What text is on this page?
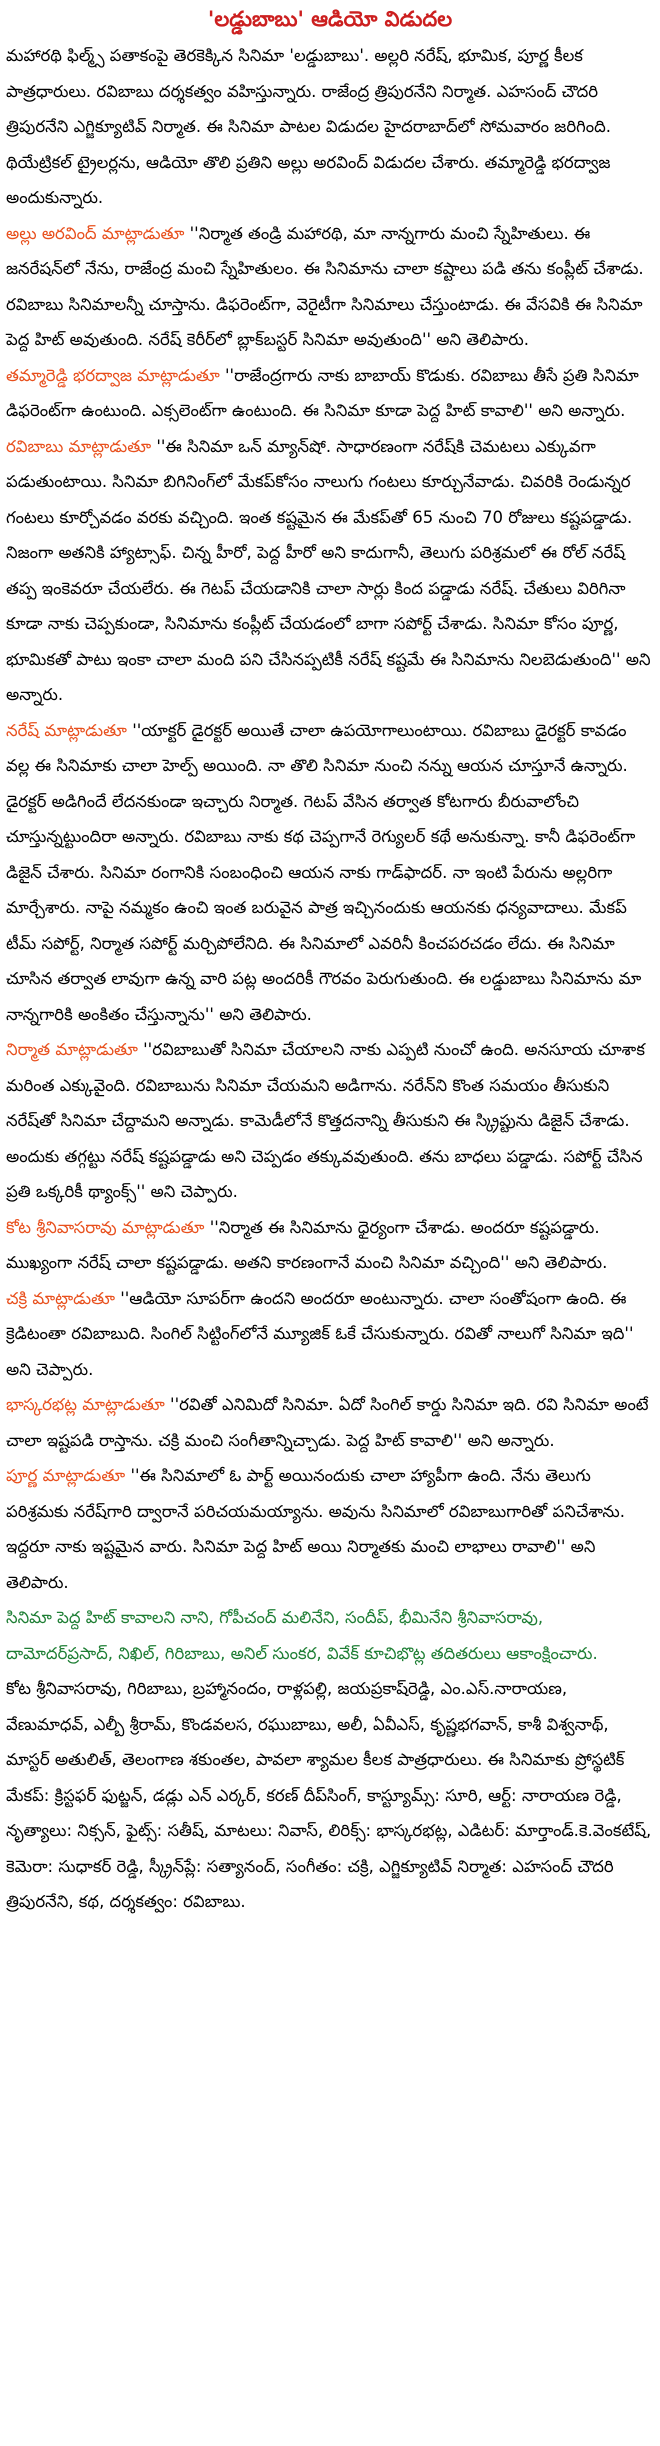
'లడ్డుబాబు' ఆడియో విడుదల

మహారథి ఫిల్మ్స్ పతాకంపై తెరకెక్కిన సినిమా 'లడ్డుబాబు'. అల్లరి నరేష్, భూమిక, పూర్ణ కీలక పాత్రధారులు. రవిబాబు దర్శకత్వం వహిస్తున్నారు. రాజేంద్ర త్రిపురనేని నిర్మాత. ఎహసంద్ చౌదరి త్రిపురనేని ఎగ్జిక్యూటివ్ నిర్మాత. ఈ సినిమా పాటల విడుదల హైదరాబాద్‌లో సోమవారం జరిగింది. థియేట్రికల్ ట్రైలర్లను, ఆడియో తొలి ప్రతిని అల్లు అరవింద్ విడుదల చేశారు. తమ్మారెడ్డి భరద్వాజ అందుకున్నారు.

అల్లు అరవింద్ మాట్లాడుతూ ''నిర్మాత తండ్రి మహారథి, మా నాన్నగారు మంచి స్నేహితులు. ఈ జనరేషన్‌లో నేను, రాజేంద్ర మంచి స్నేహితులం. ఈ సినిమాను చాలా కష్టాలు పడి తను కంప్లీట్ చేశాడు. రవిబాబు సినిమాలన్నీ చూస్తాను. డిఫరెంట్‌గా, వెరైటీగా సినిమాలు చేస్తుంటాడు. ఈ వేసవికి ఈ సినిమా పెద్ద హిట్ అవుతుంది. నరేష్ కెరీర్‌లో బ్లాక్‌బస్టర్ సినిమా అవుతుంది'' అని తెలిపారు.

తమ్మారెడ్డి భరద్వాజ మాట్లాడుతూ ''రాజేంద్రగారు నాకు బాబాయ్ కొడుకు. రవిబాబు తీసే ప్రతి సినిమా డిఫరెంట్‌గా ఉంటుంది. ఎక్సలెంట్‌గా ఉంటుంది. ఈ సినిమా కూడా పెద్ద హిట్ కావాలి'' అని అన్నారు.

రవిబాబు మాట్లాడుతూ ''ఈ సినిమా ఒన్ మ్యాన్‌షో. సాధారణంగా నరేష్‌కి చెమటలు ఎక్కువగా పడుతుంటాయి. సినిమా బిగినింగ్‌లో మేకప్‌కోసం నాలుగు గంటలు కూర్చునేవాడు. చివరికి రెండున్నర గంటలు కూర్చోవడం వరకు వచ్చింది. ఇంత కష్టమైన ఈ మేకప్‌తో 65 నుంచి 70 రోజులు కష్టపడ్డాడు. నిజంగా అతనికి హ్యాట్సాఫ్. చిన్న హీరో, పెద్ద హీరో అని కాదుగానీ, తెలుగు పరిశ్రమలో ఈ రోల్ నరేష్ తప్ప ఇంకెవరూ చేయలేరు. ఈ గెటప్ చేయడానికి చాలా సార్లు కింద పడ్డాడు నరేష్. చేతులు విరిగినా కూడా నాకు చెప్పకుండా, సినిమాను కంప్లీట్ చేయడంలో బాగా సపోర్ట్ చేశాడు. సినిమా కోసం పూర్ణ, భూమికతో పాటు ఇంకా చాలా మంది పని చేసినప్పటికీ నరేష్ కష్టమే ఈ సినిమాను నిలబెడుతుంది'' అని అన్నారు.

నరేష్ మాట్లాడుతూ ''యాక్టర్ డైరక్టర్ అయితే చాలా ఉపయోగాలుంటాయి. రవిబాబు డైరక్టర్ కావడం వల్ల ఈ సినిమాకు చాలా హెల్ప్ అయింది. నా తొలి సినిమా నుంచి నన్ను ఆయన చూస్తూనే ఉన్నారు. డైరక్టర్ అడిగిందే లేదనకుండా ఇచ్చారు నిర్మాత. గెటప్ వేసిన తర్వాత కోటగారు బీరువాలోంచి చూస్తున్నట్టుందిరా అన్నారు. రవిబాబు నాకు కథ చెప్పగానే రెగ్యులర్ కథే అనుకున్నా. కానీ డిఫరెంట్‌గా డిజైన్ చేశారు. సినిమా రంగానికి సంబంధించి ఆయన నాకు గాడ్‌ఫాదర్. నా ఇంటి పేరును అల్లరిగా మార్చేశారు. నాపై నమ్మకం ఉంచి ఇంత బరువైన పాత్ర ఇచ్చినందుకు ఆయనకు ధన్యవాదాలు. మేకప్ టీమ్ సపోర్ట్, నిర్మాత సపోర్ట్ మర్చిపోలేనిది. ఈ సినిమాలో ఎవరినీ కించపరచడం లేదు. ఈ సినిమా చూసిన తర్వాత లావుగా ఉన్న వారి పట్ల అందరికీ గౌరవం పెరుగుతుంది. ఈ లడ్డుబాబు సినిమాను మా నాన్నగారికి అంకితం చేస్తున్నాను'' అని తెలిపారు.

నిర్మాత మాట్లాడుతూ ''రవిబాబుతో సినిమా చేయాలని నాకు ఎప్పటి నుంచో ఉంది. అనసూయ చూశాక మరింత ఎక్కువైంది. రవిబాబును సినిమా చేయమని అడిగాను. నరేన్‌ని కొంత సమయం తీసుకుని నరేష్‌తో సినిమా చేద్దామని అన్నాడు. కామెడీలోనే కొత్తదనాన్ని తీసుకుని ఈ స్క్రిప్టును డిజైన్ చేశాడు. అందుకు తగ్గట్టు నరేష్ కష్టపడ్డాడు అని చెప్పడం తక్కువవుతుంది. తను బాధలు పడ్డాడు. సపోర్ట్ చేసిన ప్రతి ఒక్కరికీ థ్యాంక్స్'' అని చెప్పారు.

కోట శ్రీనివాసరావు మాట్లాడుతూ ''నిర్మాత ఈ సినిమాను ధైర్యంగా చేశాడు. అందరూ కష్టపడ్డారు. ముఖ్యంగా నరేష్ చాలా కష్టపడ్డాడు. అతని కారణంగానే మంచి సినిమా వచ్చింది'' అని తెలిపారు.

చక్రి మాట్లాడుతూ ''ఆడియో సూపర్‌గా ఉందని అందరూ అంటున్నారు. చాలా సంతోషంగా ఉంది. ఈ క్రెడిటంతా రవిబాబుది. సింగిల్ సిట్టింగ్‌లోనే మ్యూజిక్ ఓకే చేసుకున్నారు. రవితో నాలుగో సినిమా ఇది'' అని చెప్పారు.

భాస్కరభట్ల మాట్లాడుతూ ''రవితో ఎనిమిదో సినిమా. ఏదో సింగిల్ కార్డు సినిమా ఇది. రవి సినిమా అంటే చాలా ఇష్టపడి రాస్తాను. చక్రి మంచి సంగీతాన్నిచ్చాడు. పెద్ద హిట్ కావాలి'' అని అన్నారు.

పూర్ణ మాట్లాడుతూ ''ఈ సినిమాలో ఓ పార్ట్ అయినందుకు చాలా హ్యాపీగా ఉంది. నేను తెలుగు పరిశ్రమకు నరేష్‌గారి ద్వారానే పరిచయమయ్యాను. అవును సినిమాలో రవిబాబుగారితో పనిచేశాను. ఇద్దరూ నాకు ఇష్టమైన వారు. సినిమా పెద్ద హిట్ అయి నిర్మాతకు మంచి లాభాలు రావాలి'' అని తెలిపారు.

సినిమా పెద్ద హిట్ కావాలని నాని, గోపీచంద్ మలినేని, సందీప్, భీమినేని శ్రీనివాసరావు, దామోదర్‌ప్రసాద్, నిఖిల్, గిరిబాబు, అనిల్ సుంకర, వివేక్ కూచిభొట్ల తదితరులు ఆకాంక్షించారు.

కోట శ్రీనివాసరావు, గిరిబాబు, బ్రహ్మానందం, రాళ్లపల్లి, జయప్రకాష్‌రెడ్డి, ఎం.ఎస్.నారాయణ, వేణుమాధవ్, ఎల్బీ శ్రీరామ్, కొండవలస, రఘుబాబు, అలీ, ఏవీఎస్, కృష్ణభగవాన్, కాశీ విశ్వనాథ్, మాస్టర్ అతులిత్, తెలంగాణ శకుంతల, పావలా శ్యామల కీలక పాత్రధారులు. ఈ సినిమాకు ప్రోస్థటిక్ మేకప్: క్రిస్టఫర్ ఫుట్జన్, డడ్లు ఎన్ ఎర్కర్, కరణ్ దీప్‌సింగ్, కాస్ట్యూమ్స్: సూరి, ఆర్ట్: నారాయణ రెడ్డి, నృత్యాలు: నిక్సన్, ఫైట్స్: సతీష్, మాటలు: నివాస్, లిరిక్స్: భాస్కరభట్ల, ఎడిటర్: మార్తాండ్.కె.వెంకటేష్, కెమెరా: సుధాకర్ రెడ్డి, స్క్రీన్‌ప్లే: సత్యానంద్, సంగీతం: చక్రి, ఎగ్జిక్యూటివ్ నిర్మాత: ఎహసంద్ చౌదరి త్రిపురనేని, కథ, దర్శకత్వం: రవిబాబు.
